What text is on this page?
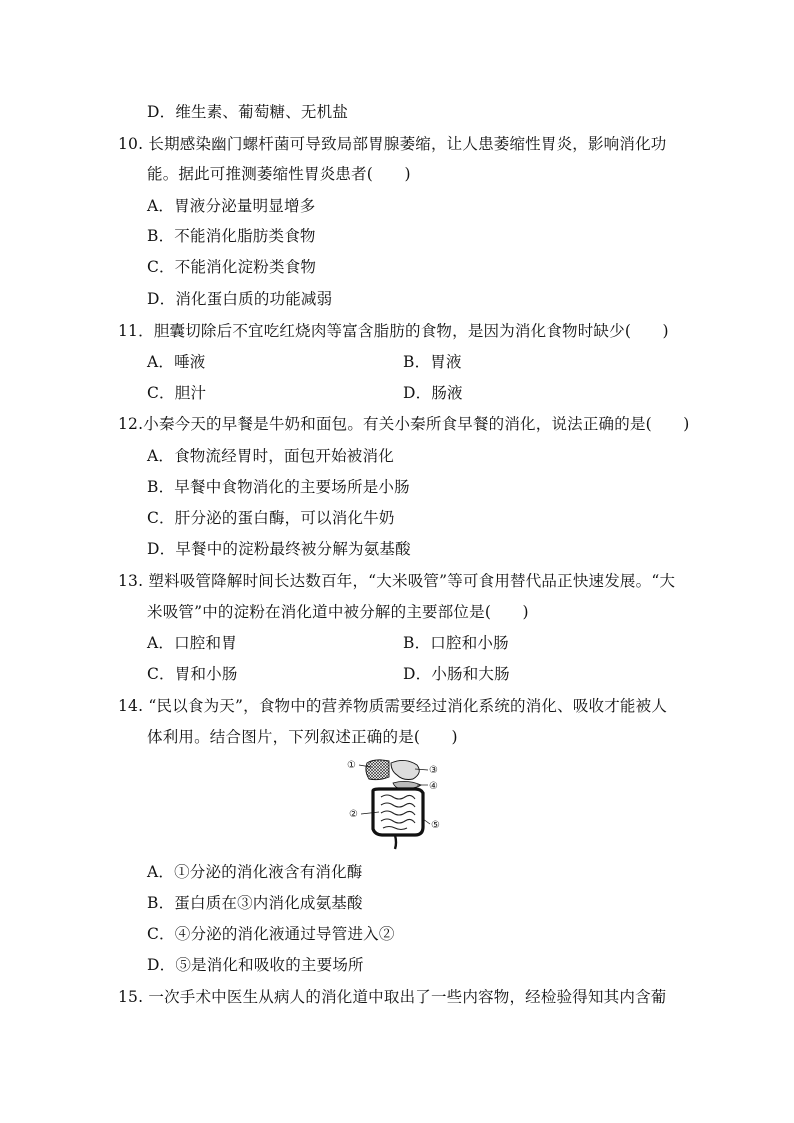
D．维生素、葡萄糖、无机盐
10. 长期感染幽门螺杆菌可导致局部胃腺萎缩，让人患萎缩性胃炎，影响消化功
能。据此可推测萎缩性胃炎患者(　　)
A．胃液分泌量明显增多
B．不能消化脂肪类食物
C．不能消化淀粉类食物
D．消化蛋白质的功能减弱
11．胆囊切除后不宜吃红烧肉等富含脂肪的食物，是因为消化食物时缺少(　　)
A．唾液	B．胃液
C．胆汁	D．肠液
12.小秦今天的早餐是牛奶和面包。有关小秦所食早餐的消化，说法正确的是(　　)
A．食物流经胃时，面包开始被消化
B．早餐中食物消化的主要场所是小肠
C．肝分泌的蛋白酶，可以消化牛奶
D．早餐中的淀粉最终被分解为氨基酸
13. 塑料吸管降解时间长达数百年，“大米吸管”等可食用替代品正快速发展。“大
米吸管”中的淀粉在消化道中被分解的主要部位是(　　)
A．口腔和胃	B．口腔和小肠
C．胃和小肠	D．小肠和大肠
14. “民以食为天”，食物中的营养物质需要经过消化系统的消化、吸收才能被人
体利用。结合图片，下列叙述正确的是(　　)
①
②
③
④
⑤
A．①分泌的消化液含有消化酶
B．蛋白质在③内消化成氨基酸
C．④分泌的消化液通过导管进入②
D．⑤是消化和吸收的主要场所
15. 一次手术中医生从病人的消化道中取出了一些内容物，经检验得知其内含葡
